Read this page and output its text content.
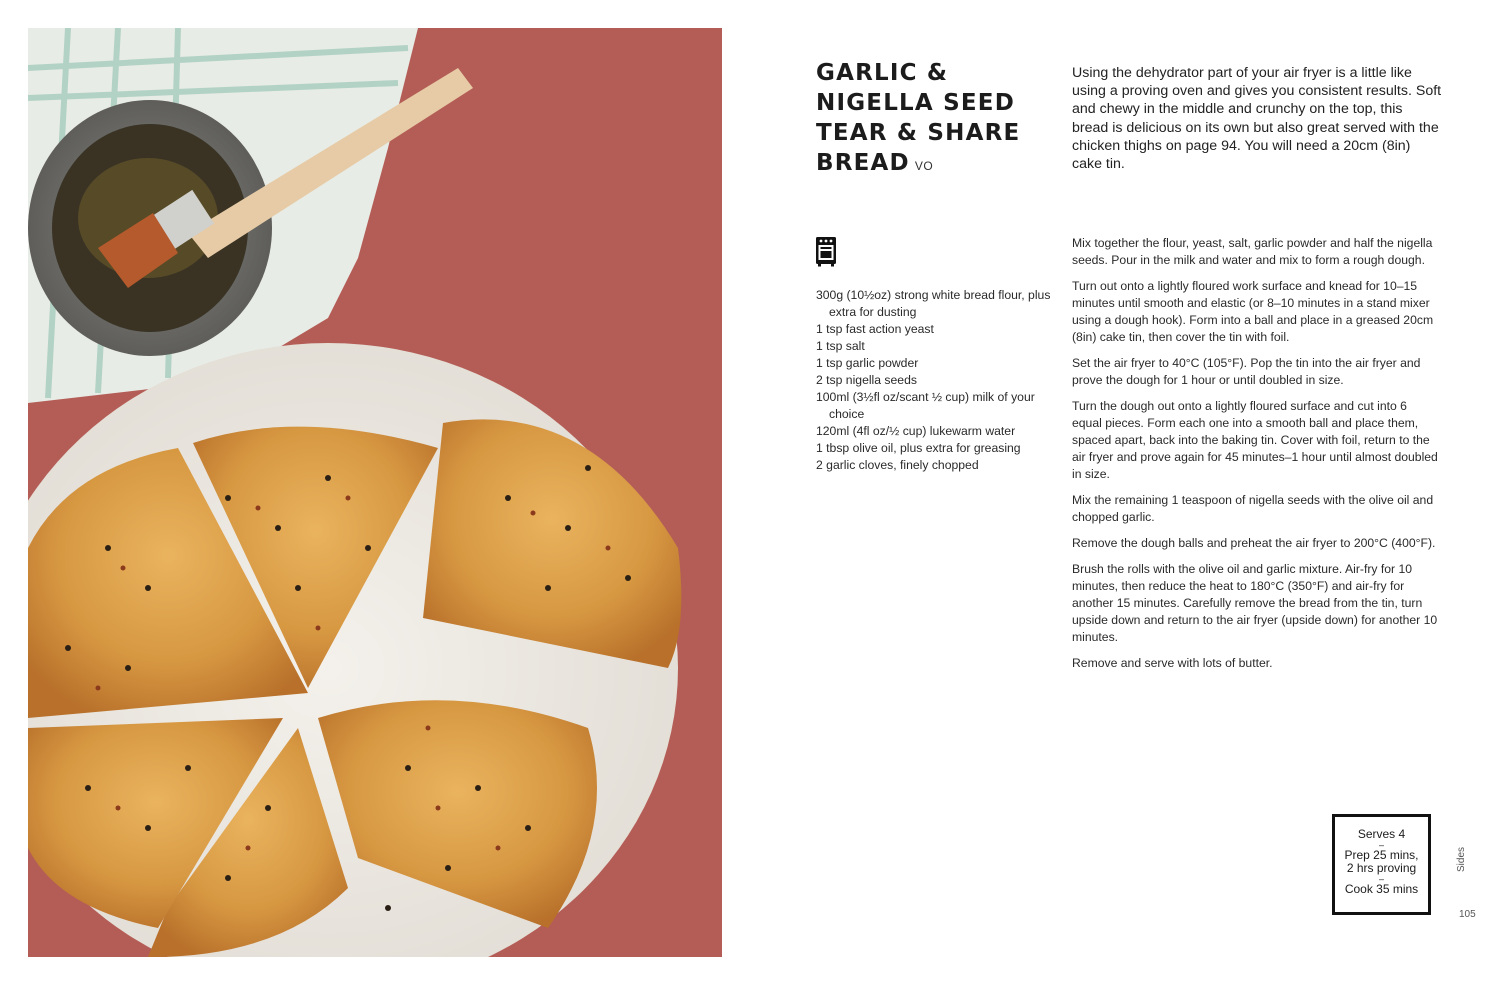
GARLIC &
NIGELLA SEED
TEAR & SHARE
BREAD VO
Using the dehydrator part of your air fryer is a little like using a proving oven and gives you consistent results. Soft and chewy in the middle and crunchy on the top, this bread is delicious on its own but also great served with the chicken thighs on page 94. You will need a 20cm (8in) cake tin.
300g (10½oz) strong white bread flour, plus extra for dusting
1 tsp fast action yeast
1 tsp salt
1 tsp garlic powder
2 tsp nigella seeds
100ml (3½fl oz/scant ½ cup) milk of your choice
120ml (4fl oz/½ cup) lukewarm water
1 tbsp olive oil, plus extra for greasing
2 garlic cloves, finely chopped

Mix together the flour, yeast, salt, garlic powder and half the nigella seeds. Pour in the milk and water and mix to form a rough dough.

Turn out onto a lightly floured work surface and knead for 10–15 minutes until smooth and elastic (or 8–10 minutes in a stand mixer using a dough hook). Form into a ball and place in a greased 20cm (8in) cake tin, then cover the tin with foil.

Set the air fryer to 40°C (105°F). Pop the tin into the air fryer and prove the dough for 1 hour or until doubled in size.

Turn the dough out onto a lightly floured surface and cut into 6 equal pieces. Form each one into a smooth ball and place them, spaced apart, back into the baking tin. Cover with foil, return to the air fryer and prove again for 45 minutes–1 hour until almost doubled in size.

Mix the remaining 1 teaspoon of nigella seeds with the olive oil and chopped garlic.

Remove the dough balls and preheat the air fryer to 200°C (400°F).

Brush the rolls with the olive oil and garlic mixture. Air-fry for 10 minutes, then reduce the heat to 180°C (350°F) and air-fry for another 15 minutes. Carefully remove the bread from the tin, turn upside down and return to the air fryer (upside down) for another 10 minutes.

Remove and serve with lots of butter.

Serves 4
–
Prep 25 mins,
2 hrs proving
–
Cook 35 mins
Sides
105
